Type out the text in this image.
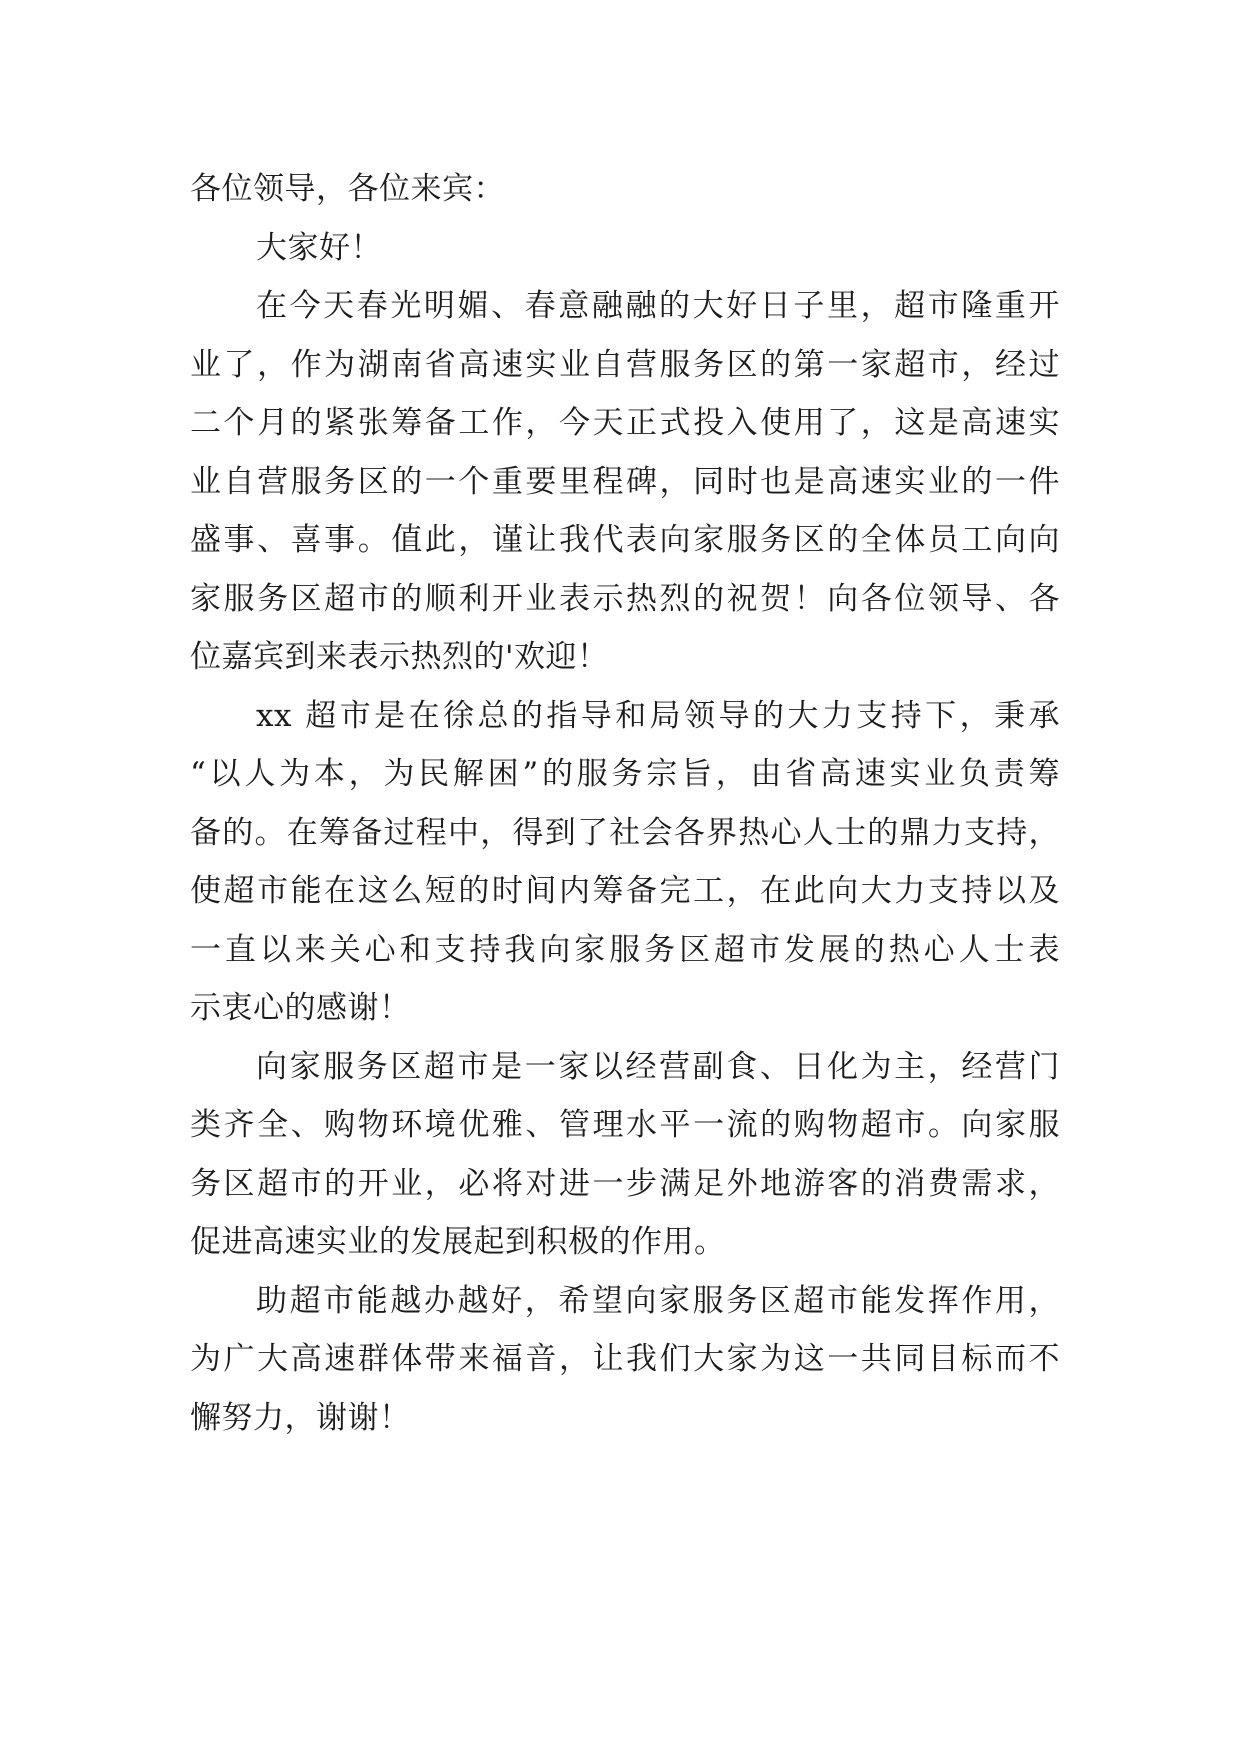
各位领导，各位来宾：
大家好！
在今天春光明媚、春意融融的大好日子里，超市隆重开
业了，作为湖南省高速实业自营服务区的第一家超市，经过
二个月的紧张筹备工作，今天正式投入使用了，这是高速实
业自营服务区的一个重要里程碑，同时也是高速实业的一件
盛事、喜事。值此，谨让我代表向家服务区的全体员工向向
家服务区超市的顺利开业表示热烈的祝贺！向各位领导、各
位嘉宾到来表示热烈的'欢迎！
xx 超市是在徐总的指导和局领导的大力支持下，秉承
“以人为本，为民解困”的服务宗旨，由省高速实业负责筹
备的。在筹备过程中，得到了社会各界热心人士的鼎力支持，
使超市能在这么短的时间内筹备完工，在此向大力支持以及
一直以来关心和支持我向家服务区超市发展的热心人士表
示衷心的感谢！
向家服务区超市是一家以经营副食、日化为主，经营门
类齐全、购物环境优雅、管理水平一流的购物超市。向家服
务区超市的开业，必将对进一步满足外地游客的消费需求，
促进高速实业的发展起到积极的作用。
助超市能越办越好，希望向家服务区超市能发挥作用，
为广大高速群体带来福音，让我们大家为这一共同目标而不
懈努力，谢谢！
